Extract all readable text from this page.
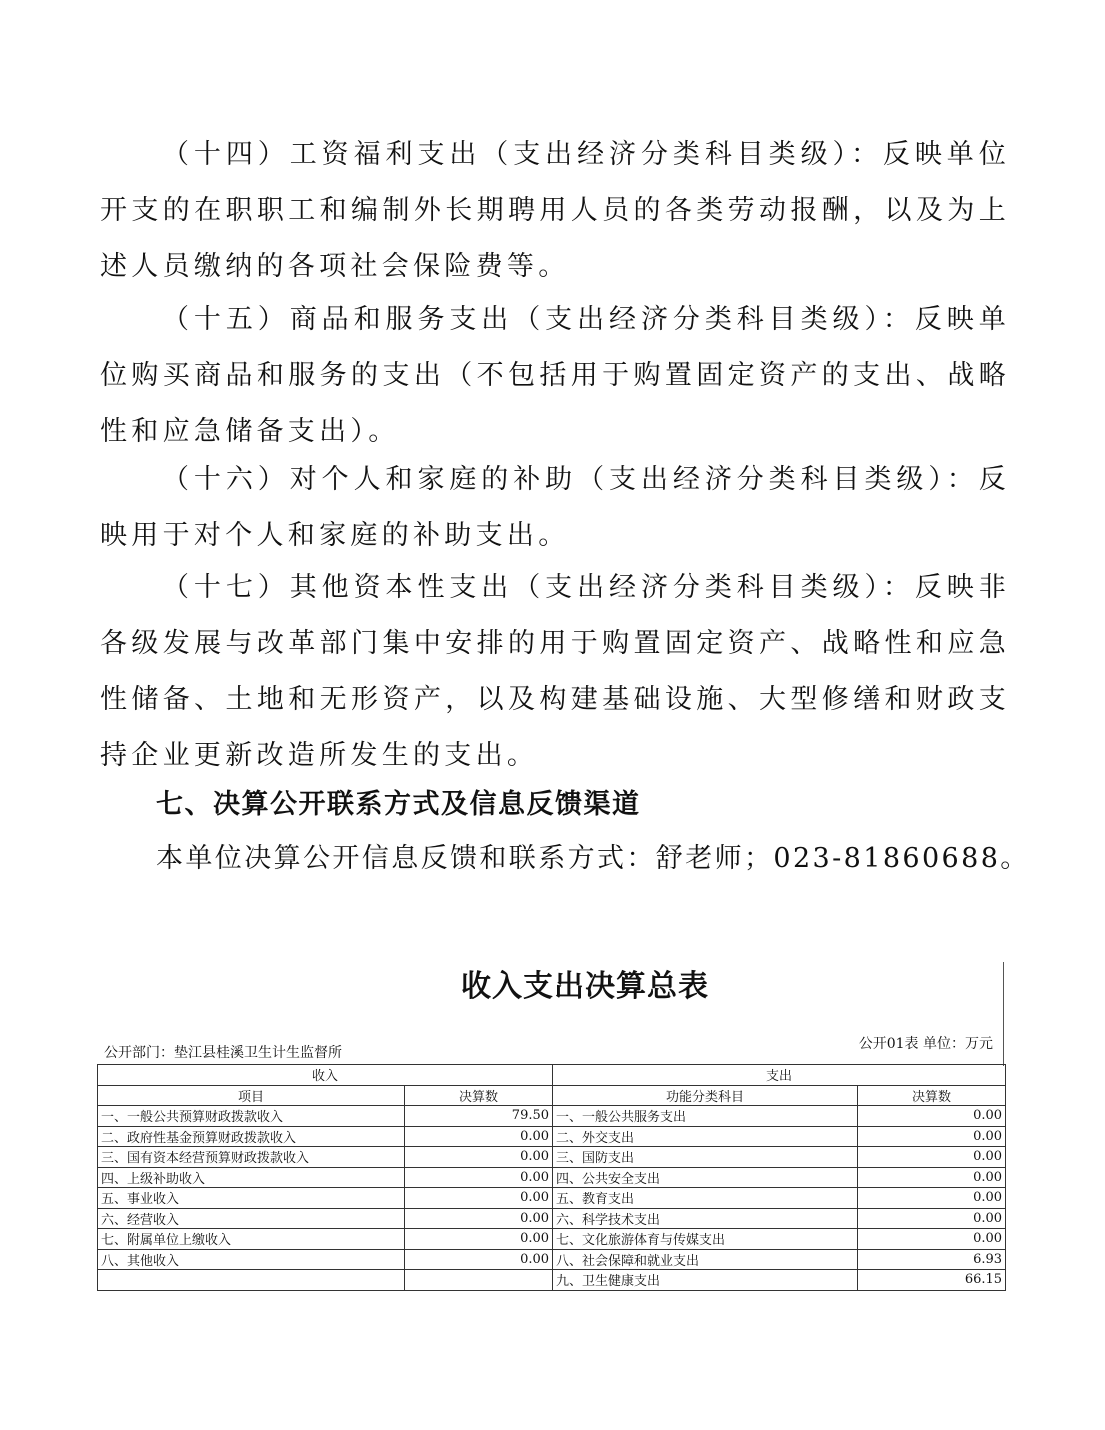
（十四）工资福利支出（支出经济分类科目类级）：反映单位开支的在职职工和编制外长期聘用人员的各类劳动报酬，以及为上述人员缴纳的各项社会保险费等。

（十五）商品和服务支出（支出经济分类科目类级）：反映单位购买商品和服务的支出（不包括用于购置固定资产的支出、战略性和应急储备支出）。

（十六）对个人和家庭的补助（支出经济分类科目类级）：反映用于对个人和家庭的补助支出。

（十七）其他资本性支出（支出经济分类科目类级）：反映非各级发展与改革部门集中安排的用于购置固定资产、战略性和应急性储备、土地和无形资产，以及构建基础设施、大型修缮和财政支持企业更新改造所发生的支出。

七、决算公开联系方式及信息反馈渠道

本单位决算公开信息反馈和联系方式：舒老师；023-81860688。

收入支出决算总表
公开01表 单位：万元
公开部门：垫江县桂溪卫生计生监督所
收入		支出	
项目	决算数	功能分类科目	决算数
一、一般公共预算财政拨款收入	79.50	一、一般公共服务支出	0.00
二、政府性基金预算财政拨款收入	0.00	二、外交支出	0.00
三、国有资本经营预算财政拨款收入	0.00	三、国防支出	0.00
四、上级补助收入	0.00	四、公共安全支出	0.00
五、事业收入	0.00	五、教育支出	0.00
六、经营收入	0.00	六、科学技术支出	0.00
七、附属单位上缴收入	0.00	七、文化旅游体育与传媒支出	0.00
八、其他收入	0.00	八、社会保障和就业支出	6.93
		九、卫生健康支出	66.15
